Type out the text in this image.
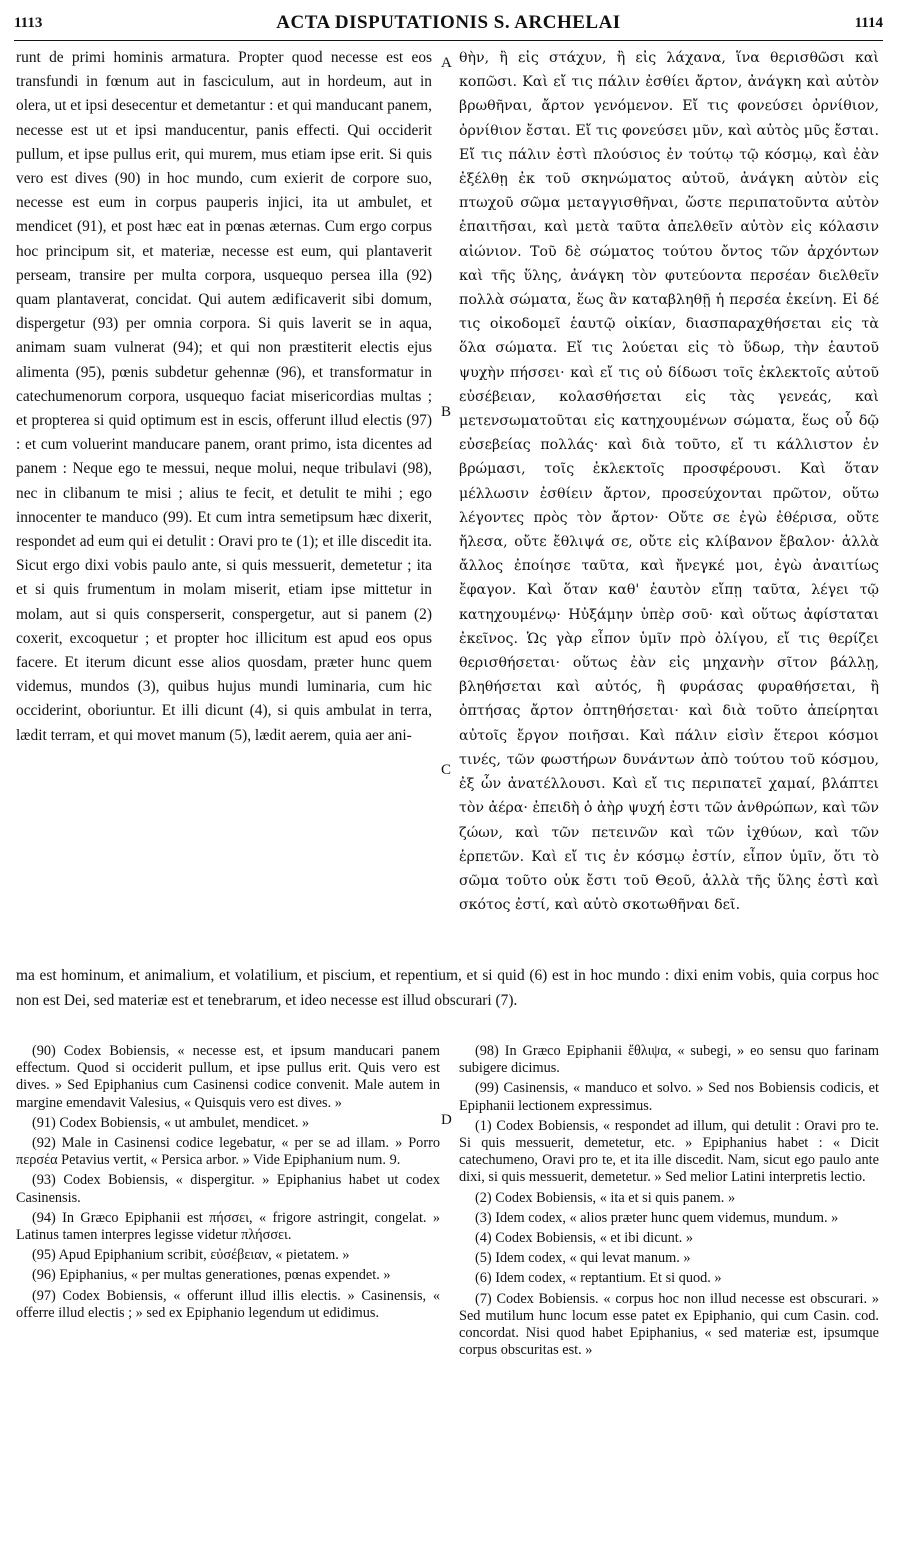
1113	ACTA DISPUTATIONIS S. ARCHELAI	1114

runt de primi hominis armatura. Propter quod necesse est eos transfundi in fœnum aut in fasciculum, aut in hordeum, aut in olera, ut et ipsi desecentur et demetantur : et qui manducant panem, necesse est ut et ipsi manducentur, panis effecti. Qui occiderit pullum, et ipse pullus erit, qui murem, mus etiam ipse erit. Si quis vero est dives (90) in hoc mundo, cum exierit de corpore suo, necesse est eum in corpus pauperis injici, ita ut ambulet, et mendicet (91), et post hæc eat in pœnas æternas. Cum ergo corpus hoc principum sit, et materiæ, necesse est eum, qui plantaverit perseam, transire per multa corpora, usquequo persea illa (92) quam plantaverat, concidat. Qui autem ædificaverit sibi domum, dispergetur (93) per omnia corpora. Si quis laverit se in aqua, animam suam vulnerat (94); et qui non præstiterit electis ejus alimenta (95), pœnis subdetur gehennæ (96), et transformatur in catechumenorum corpora, usquequo faciat misericordias multas ; et propterea si quid optimum est in escis, offerunt illud electis (97) : et cum voluerint manducare panem, orant primo, ista dicentes ad panem : Neque ego te messui, neque molui, neque tribulavi (98), nec in clibanum te misi ; alius te fecit, et detulit te mihi ; ego innocenter te manduco (99). Et cum intra semetipsum hæc dixerit, respondet ad eum qui ei detulit : Oravi pro te (1); et ille discedit ita. Sicut ergo dixi vobis paulo ante, si quis messuerit, demetetur ; ita et si quis frumentum in molam miserit, etiam ipse mittetur in molam, aut si quis consperserit, conspergetur, aut si panem (2) coxerit, excoquetur ; et propter hoc illicitum est apud eos opus facere. Et iterum dicunt esse alios quosdam, præter hunc quem videmus, mundos (3), quibus hujus mundi luminaria, cum hic occiderint, oboriuntur. Et illi dicunt (4), si quis ambulat in terra, lædit terram, et qui movet manum (5), lædit aerem, quia aer ani-

A
B
C
D

θὴν, ἢ εἰς στάχυν, ἢ εἰς λάχανα, ἵνα θερισθῶσι καὶ κοπῶσι. Καὶ εἴ τις πάλιν ἐσθίει ἄρτον, ἀνάγκη καὶ αὐτὸν βρωθῆναι, ἄρτον γενόμενον. Εἴ τις φονεύσει ὀρνίθιον, ὀρνίθιον ἔσται. Εἴ τις φονεύσει μῦν, καὶ αὐτὸς μῦς ἔσται. Εἴ τις πάλιν ἐστὶ πλούσιος ἐν τούτῳ τῷ κόσμῳ, καὶ ἐὰν ἐξέλθῃ ἐκ τοῦ σκηνώματος αὐτοῦ, ἀνάγκη αὐτὸν εἰς πτωχοῦ σῶμα μεταγγισθῆναι, ὥστε περιπατοῦντα αὐτὸν ἐπαιτῆσαι, καὶ μετὰ ταῦτα ἀπελθεῖν αὐτὸν εἰς κόλασιν αἰώνιον. Τοῦ δὲ σώματος τούτου ὄντος τῶν ἀρχόντων καὶ τῆς ὕλης, ἀνάγκη τὸν φυτεύοντα περσέαν διελθεῖν πολλὰ σώματα, ἕως ἂν καταβληθῇ ἡ περσέα ἐκείνη. Εἰ δέ τις οἰκοδομεῖ ἑαυτῷ οἰκίαν, διασπαραχθήσεται εἰς τὰ ὅλα σώματα. Εἴ τις λούεται εἰς τὸ ὕδωρ, τὴν ἑαυτοῦ ψυχὴν πήσσει· καὶ εἴ τις οὐ δίδωσι τοῖς ἐκλεκτοῖς αὐτοῦ εὐσέβειαν, κολασθήσεται εἰς τὰς γενεάς, καὶ μετενσωματοῦται εἰς κατηχουμένων σώματα, ἕως οὗ δῷ εὐσεβείας πολλάς· καὶ διὰ τοῦτο, εἴ τι κάλλιστον ἐν βρώμασι, τοῖς ἐκλεκτοῖς προσφέρουσι. Καὶ ὅταν μέλλωσιν ἐσθίειν ἄρτον, προσεύχονται πρῶτον, οὕτω λέγοντες πρὸς τὸν ἄρτον· Οὔτε σε ἐγὼ ἐθέρισα, οὔτε ἤλεσα, οὔτε ἔθλιψά σε, οὔτε εἰς κλίβανον ἔβαλον· ἀλλὰ ἄλλος ἐποίησε ταῦτα, καὶ ἤνεγκέ μοι, ἐγὼ ἀναιτίως ἔφαγον. Καὶ ὅταν καθ' ἑαυτὸν εἴπῃ ταῦτα, λέγει τῷ κατηχουμένῳ· Ηὐξάμην ὑπὲρ σοῦ· καὶ οὕτως ἀφίσταται ἐκεῖνος. Ὡς γὰρ εἶπον ὑμῖν πρὸ ὀλίγου, εἴ τις θερίζει θερισθήσεται· οὕτως ἐὰν εἰς μηχανὴν σῖτον βάλλῃ, βληθήσεται καὶ αὐτός, ἢ φυράσας φυραθήσεται, ἢ ὀπτήσας ἄρτον ὀπτηθήσεται· καὶ διὰ τοῦτο ἀπείρηται αὐτοῖς ἔργον ποιῆσαι. Καὶ πάλιν εἰσὶν ἕτεροι κόσμοι τινές, τῶν φωστήρων δυνάντων ἀπὸ τούτου τοῦ κόσμου, ἐξ ὧν ἀνατέλλουσι. Καὶ εἴ τις περιπατεῖ χαμαί, βλάπτει τὸν ἀέρα· ἐπειδὴ ὁ ἀὴρ ψυχή ἐστι τῶν ἀνθρώπων, καὶ τῶν ζώων, καὶ τῶν πετεινῶν καὶ τῶν ἰχθύων, καὶ τῶν ἑρπετῶν. Καὶ εἴ τις ἐν κόσμῳ ἐστίν, εἶπον ὑμῖν, ὅτι τὸ σῶμα τοῦτο οὐκ ἔστι τοῦ Θεοῦ, ἀλλὰ τῆς ὕλης ἐστὶ καὶ σκότος ἐστί, καὶ αὐτὸ σκοτωθῆναι δεῖ.

ma est hominum, et animalium, et volatilium, et piscium, et repentium, et si quid (6) est in hoc mundo : dixi enim vobis, quia corpus hoc non est Dei, sed materiæ est et tenebrarum, et ideo necesse est illud obscurari (7).

(90) Codex Bobiensis, « necesse est, et ipsum manducari panem effectum. Quod si occiderit pullum, et ipse pullus erit. Quis vero est dives. » Sed Epiphanius cum Casinensi codice convenit. Male autem in margine emendavit Valesius, « Quisquis vero est dives. »

(91) Codex Bobiensis, « ut ambulet, mendicet. »

(92) Male in Casinensi codice legebatur, « per se ad illam. » Porro περσέα Petavius vertit, « Persica arbor. » Vide Epiphanium num. 9.

(93) Codex Bobiensis, « dispergitur. » Epiphanius habet ut codex Casinensis.

(94) In Græco Epiphanii est πήσσει, « frigore astringit, congelat. » Latinus tamen interpres legisse videtur πλήσσει.

(95) Apud Epiphanium scribit, εὐσέβειαν, « pietatem. »

(96) Epiphanius, « per multas generationes, pœnas expendet. »

(97) Codex Bobiensis, « offerunt illud illis electis. » Casinensis, « offerre illud electis ; » sed ex Epiphanio legendum ut edidimus.

(98) In Græco Epiphanii ἔθλιψα, « subegi, » eo sensu quo farinam subigere dicimus.

(99) Casinensis, « manduco et solvo. » Sed nos Bobiensis codicis, et Epiphanii lectionem expressimus.

(1) Codex Bobiensis, « respondet ad illum, qui detulit : Oravi pro te. Si quis messuerit, demetetur, etc. » Epiphanius habet : « Dicit catechumeno, Oravi pro te, et ita ille discedit. Nam, sicut ego paulo ante dixi, si quis messuerit, demetetur. » Sed melior Latini interpretis lectio.

(2) Codex Bobiensis, « ita et si quis panem. »

(3) Idem codex, « alios præter hunc quem videmus, mundum. »

(4) Codex Bobiensis, « et ibi dicunt. »

(5) Idem codex, « qui levat manum. »

(6) Idem codex, « reptantium. Et si quod. »

(7) Codex Bobiensis. « corpus hoc non illud necesse est obscurari. » Sed mutilum hunc locum esse patet ex Epiphanio, qui cum Casin. cod. concordat. Nisi quod habet Epiphanius, « sed materiæ est, ipsumque corpus obscuritas est. »
